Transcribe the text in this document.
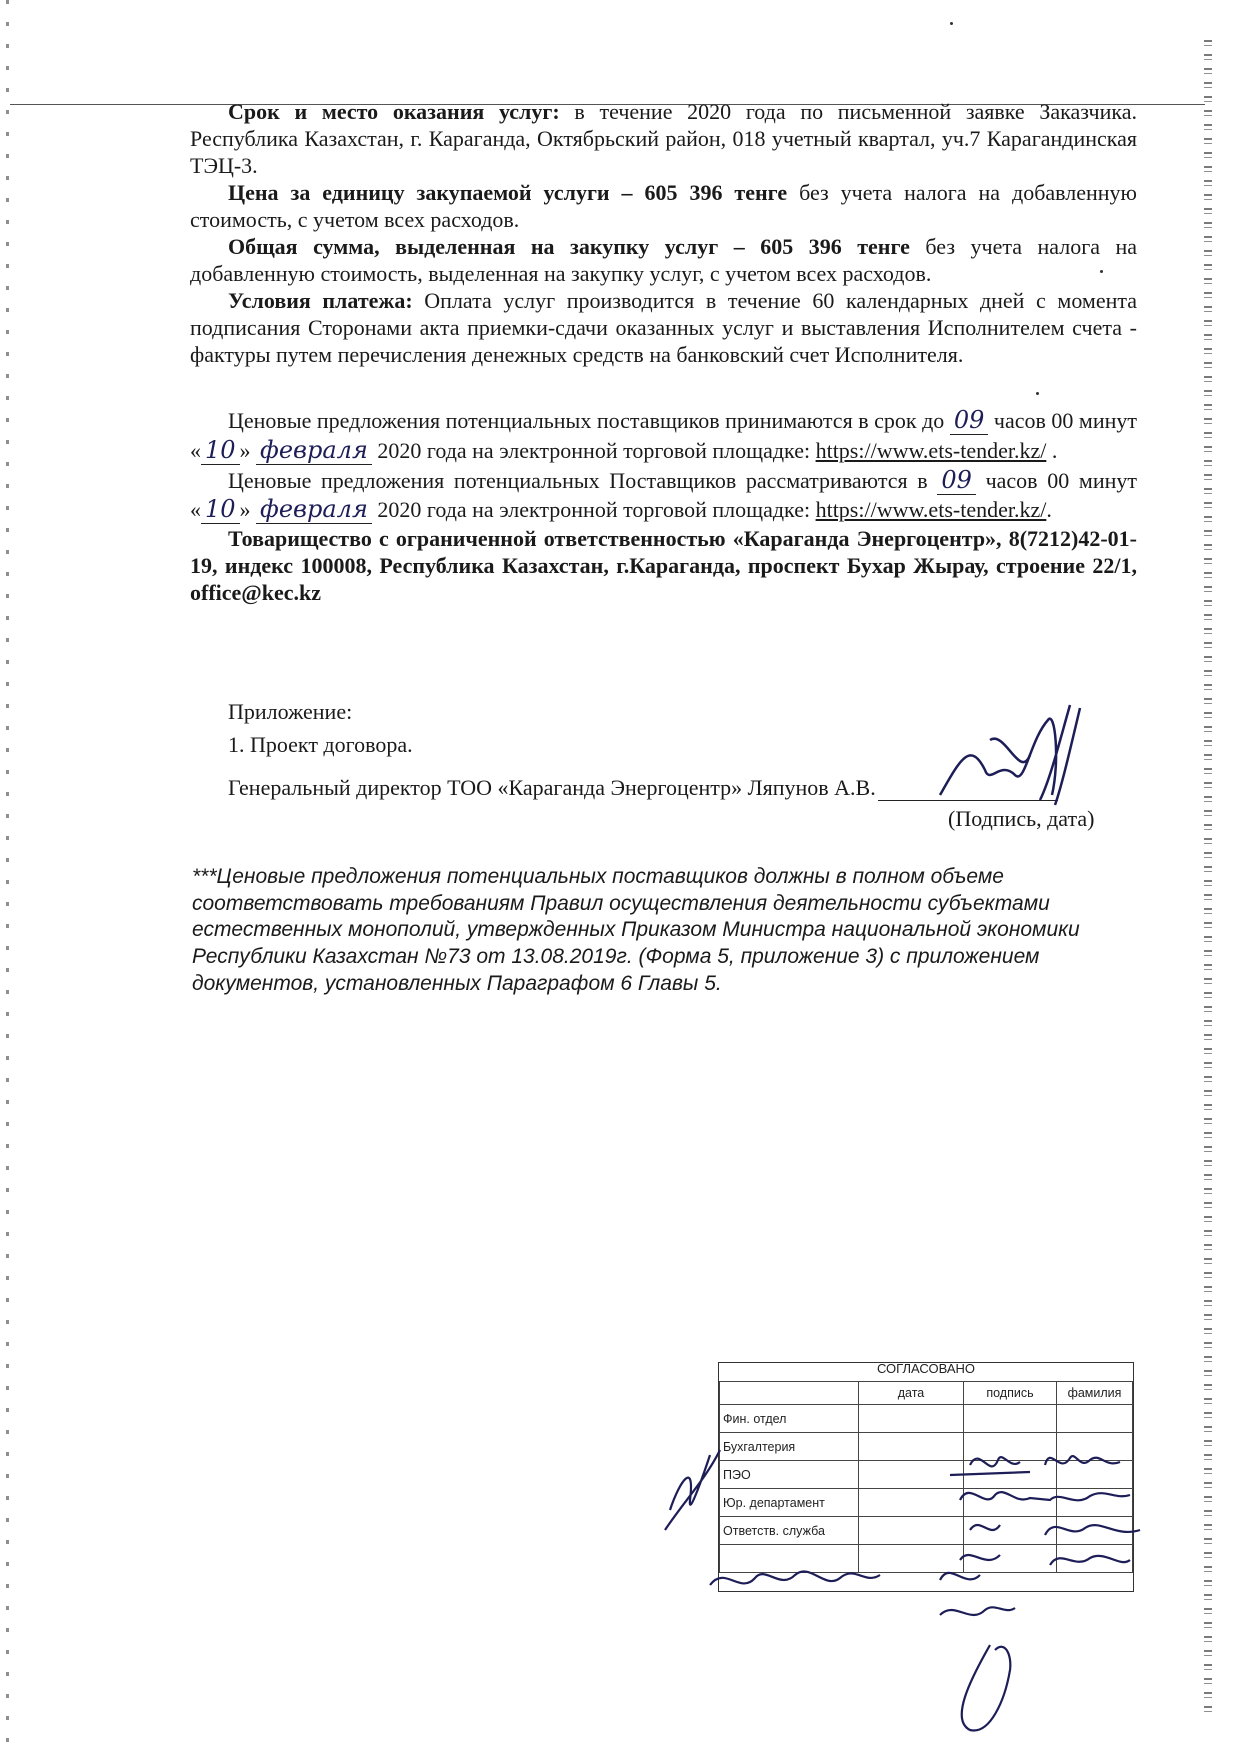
Срок и место оказания услуг: в течение 2020 года по письменной заявке Заказчика. Республика Казахстан, г. Караганда, Октябрьский район, 018 учетный квартал, уч.7 Карагандинская ТЭЦ-3.

Цена за единицу закупаемой услуги – 605 396 тенге без учета налога на добавленную стоимость, с учетом всех расходов.

Общая сумма, выделенная на закупку услуг – 605 396 тенге без учета налога на добавленную стоимость, выделенная на закупку услуг, с учетом всех расходов.

Условия платежа: Оплата услуг производится в течение 60 календарных дней с момента подписания Сторонами акта приемки-сдачи оказанных услуг и выставления Исполнителем счета - фактуры путем перечисления денежных средств на банковский счет Исполнителя.

Ценовые предложения потенциальных поставщиков принимаются в срок до 09 часов 00 минут « 10 » февраля 2020 года на электронной торговой площадке: https://www.ets-tender.kz/ .

Ценовые предложения потенциальных Поставщиков рассматриваются в 09 часов 00 минут « 10 » февраля 2020 года на электронной торговой площадке: https://www.ets-tender.kz/.

Товарищество с ограниченной ответственностью «Караганда Энергоцентр», 8(7212)42-01-19, индекс 100008, Республика Казахстан, г.Караганда, проспект Бухар Жырау, строение 22/1, office@kec.kz

Приложение:
1. Проект договора.
Генеральный директор ТОО «Караганда Энергоцентр» Ляпунов А.В.
(Подпись, дата)
***Ценовые предложения потенциальных поставщиков должны в полном объеме соответствовать требованиям Правил осуществления деятельности субъектами естественных монополий, утвержденных Приказом Министра национальной экономики Республики Казахстан №73 от 13.08.2019г. (Форма 5, приложение 3) с приложением документов, установленных Параграфом 6 Главы 5.
СОГЛАСОВАНО
	дата	подпись	фамилия
Фин. отдел			
Бухгалтерия			
ПЭО			
Юр. департамент			
Ответств. служба			
